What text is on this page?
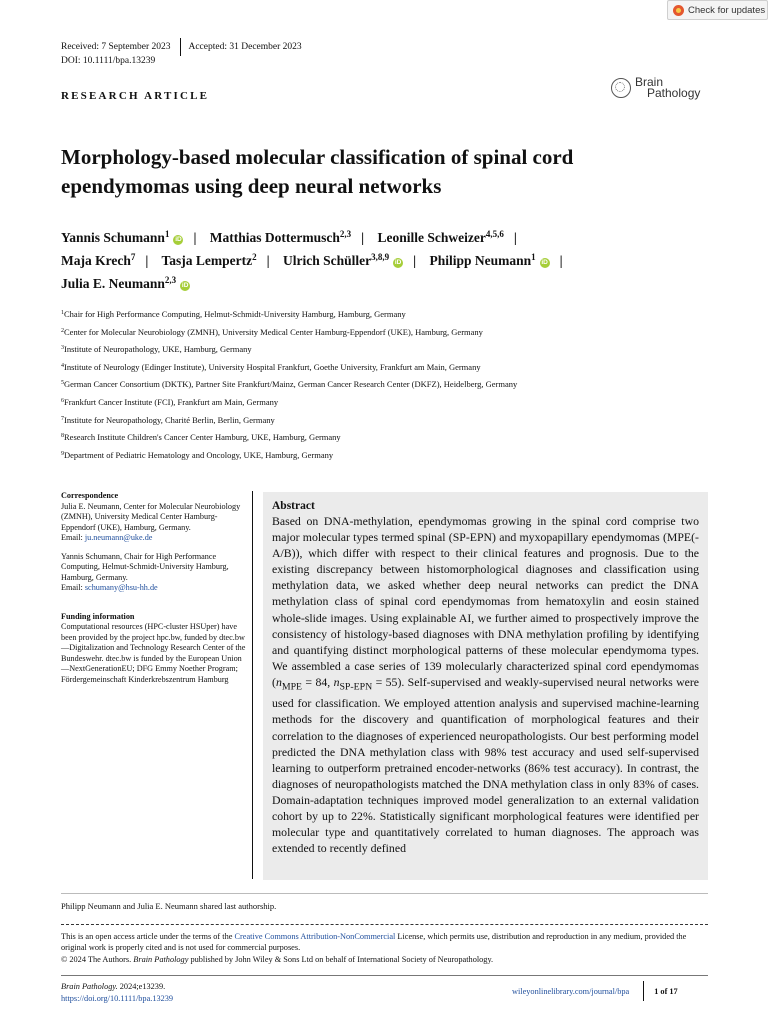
Check for updates
Received: 7 September 2023 Accepted: 31 December 2023
DOI: 10.1111/bpa.13239
RESEARCH ARTICLE
Brain
Pathology
Morphology-based molecular classification of spinal cord
ependymomas using deep neural networks
Yannis Schumann$^1$iD | Matthias Dottermusch$^{2,3}$ | Leonille Schweizer$^{4,5,6}$ |
Maja Krech$^7$ | Tasja Lempertz$^2$ | Ulrich Schüller$^{3,8,9}$iD | Philipp Neumann$^1$iD |
Julia E. Neumann$^{2,3}$iD
$^1$Chair for High Performance Computing, Helmut-Schmidt-University Hamburg, Hamburg, Germany
$^2$Center for Molecular Neurobiology (ZMNH), University Medical Center Hamburg-Eppendorf (UKE), Hamburg, Germany
$^3$Institute of Neuropathology, UKE, Hamburg, Germany
$^4$Institute of Neurology (Edinger Institute), University Hospital Frankfurt, Goethe University, Frankfurt am Main, Germany
$^5$German Cancer Consortium (DKTK), Partner Site Frankfurt/Mainz, German Cancer Research Center (DKFZ), Heidelberg, Germany
$^6$Frankfurt Cancer Institute (FCI), Frankfurt am Main, Germany
$^7$Institute for Neuropathology, Charité Berlin, Berlin, Germany
$^8$Research Institute Children's Cancer Center Hamburg, UKE, Hamburg, Germany
$^9$Department of Pediatric Hematology and Oncology, UKE, Hamburg, Germany

Correspondence

Julia E. Neumann, Center for Molecular Neurobiology (ZMNH), University Medical Center Hamburg-Eppendorf (UKE), Hamburg, Germany.
Email: ju.neumann@uke.de

Yannis Schumann, Chair for High Performance Computing, Helmut-Schmidt-University Hamburg, Hamburg, Germany.
Email: schumany@hsu-hh.de

Funding information

Computational resources (HPC-cluster HSUper) have been provided by the project hpc.bw, funded by dtec.bw—Digitalization and Technology Research Center of the Bundeswehr. dtec.bw is funded by the European Union—NextGenerationEU; DFG Emmy Noether Program; Fördergemeinschaft Kinderkrebszentrum Hamburg

Abstract
Based on DNA-methylation, ependymomas growing in the spinal cord comprise two major molecular types termed spinal (SP-EPN) and myxopapillary ependymomas (MPE(-A/B)), which differ with respect to their clinical features and prognosis. Due to the existing discrepancy between histomorphological diagnoses and classification using methylation data, we asked whether deep neural networks can predict the DNA methylation class of spinal cord ependymomas from hematoxylin and eosin stained whole-slide images. Using explainable AI, we further aimed to prospectively improve the consistency of histology-based diagnoses with DNA methylation profiling by identifying and quantifying distinct morphological patterns of these molecular ependymoma types. We assembled a case series of 139 molecularly characterized spinal cord ependymomas ($n_{MPE} = 84$, $n_{SP-EPN} = 55$). Self-supervised and weakly-supervised neural networks were used for classification. We employed attention analysis and supervised machine-learning methods for the discovery and quantification of morphological features and their correlation to the diagnoses of experienced neuropathologists. Our best performing model predicted the DNA methylation class with 98% test accuracy and used self-supervised learning to outperform pretrained encoder-networks (86% test accuracy). In contrast, the diagnoses of neuropathologists matched the DNA methylation class in only 83% of cases. Domain-adaptation techniques improved model generalization to an external validation cohort by up to 22%. Statistically significant morphological features were identified per molecular type and quantitatively correlated to human diagnoses. The approach was extended to recently defined
Philipp Neumann and Julia E. Neumann shared last authorship.

This is an open access article under the terms of the Creative Commons Attribution-NonCommercial License, which permits use, distribution and reproduction in any medium, provided the original work is properly cited and is not used for commercial purposes.

© 2024 The Authors. Brain Pathology published by John Wiley & Sons Ltd on behalf of International Society of Neuropathology.

Brain Pathology. 2024;e13239.
https://doi.org/10.1111/bpa.13239
wileyonlinelibrary.com/journal/bpa	1 of 17
